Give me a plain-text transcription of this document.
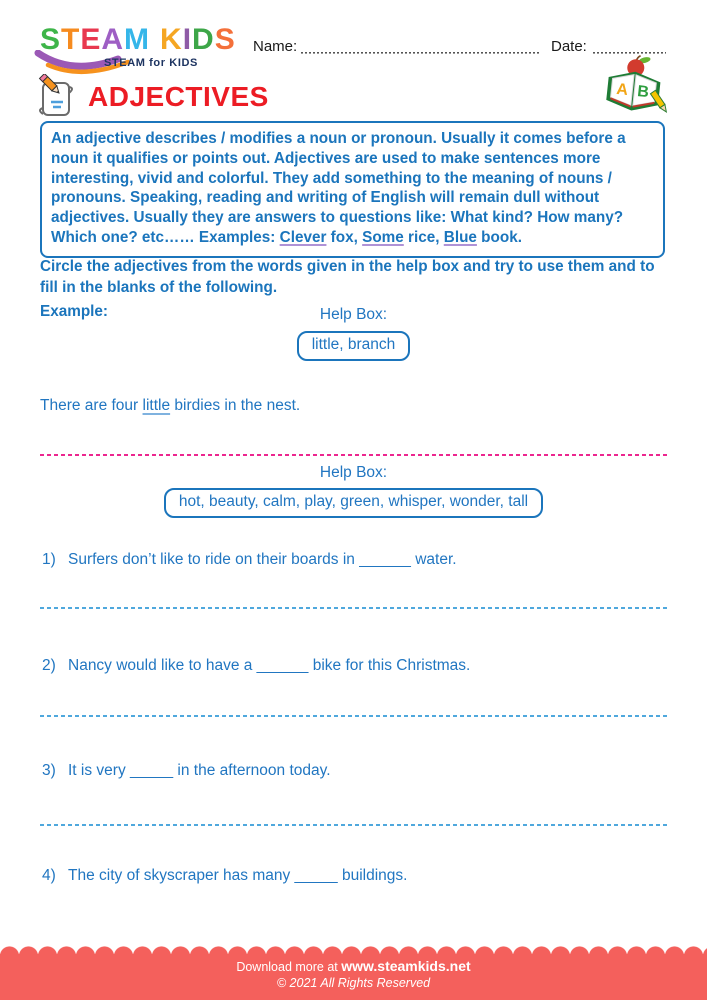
STEAM KIDS
STEAM for KIDS
Name:	Date:
A B
ADJECTIVES
An adjective describes / modifies a noun or pronoun. Usually it comes before a noun it qualifies or points out. Adjectives are used to make sentences more interesting, vivid and colorful. They add something to the meaning of nouns / pronouns. Speaking, reading and writing of English will remain dull without adjectives. Usually they are answers to questions like: What kind? How many? Which one? etc…… Examples: Clever fox, Some rice, Blue book.

Circle the adjectives from the words given in the help box and try to use them and to fill in the blanks of the following.

Example:	Help Box:
little, branch

There are four little birdies in the nest.

Help Box:
hot, beauty, calm, play, green, whisper, wonder, tall
1) Surfers don’t like to ride on their boards in ______ water.
2) Nancy would like to have a ______ bike for this Christmas.
3) It is very _____ in the afternoon today.
4) The city of skyscraper has many _____ buildings.

Download more at www.steamkids.net

© 2021 All Rights Reserved
